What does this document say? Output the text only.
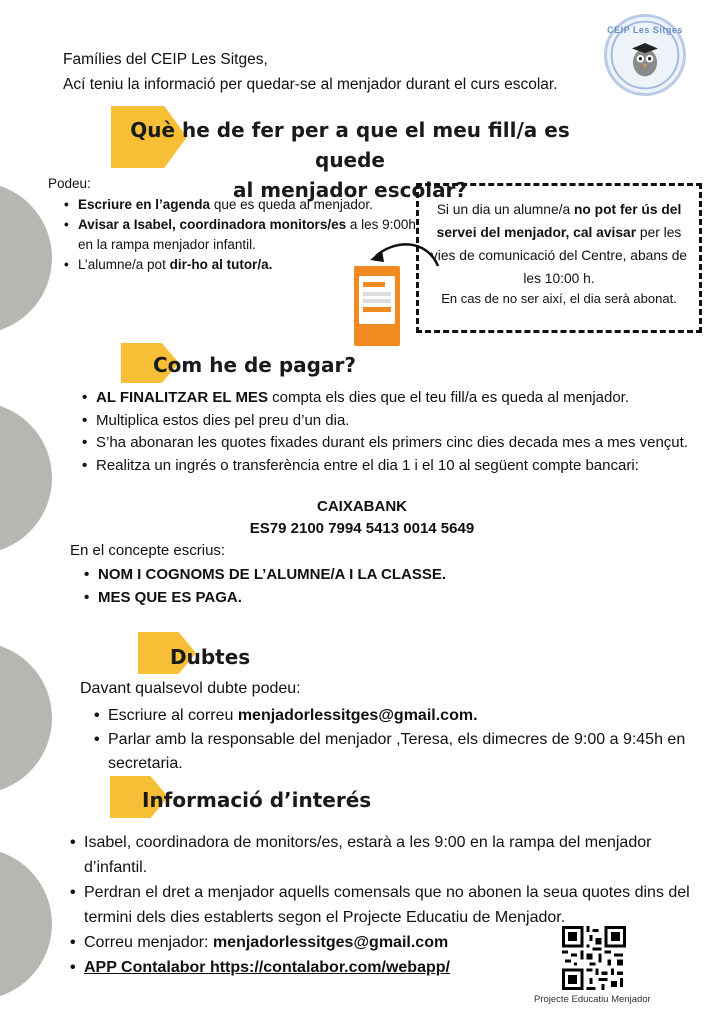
Famílies del CEIP Les Sitges,
Ací teniu la informació per quedar-se al menjador durant el curs escolar.
CEIP Les Sitges
Què he de fer per a que el meu fill/a es quede
al menjador escolar?
Podeu:
• Escriure en l’agenda que es queda al menjador.
• Avisar a Isabel, coordinadora monitors/es a les 9:00h. en la rampa menjador infantil.
• L’alumne/a pot dir-ho al tutor/a.
Si un dia un alumne/a no pot fer ús del servei del menjador, cal avisar per les vies de comunicació del Centre, abans de les 10:00 h.
En cas de no ser així, el dia serà abonat.
Com he de pagar?
• AL FINALITZAR EL MES compta els dies que el teu fill/a es queda al menjador.
• Multiplica estos dies pel preu d’un dia.
• S’ha abonaran les quotes fixades durant els primers cinc dies decada mes a mes vençut.
• Realitza un ingrés o transferència entre el dia 1 i el 10 al següent compte bancari:
CAIXABANK
ES79 2100 7994 5413 0014 5649
En el concepte escrius:
• NOM I COGNOMS DE L’ALUMNE/A I LA CLASSE.
• MES QUE ES PAGA.
Dubtes
Davant qualsevol dubte podeu:
• Escriure al correu menjadorlessitges@gmail.com.
• Parlar amb la responsable del menjador ,Teresa, els dimecres de 9:00 a 9:45h en secretaria.
Informació d’interés
• Isabel, coordinadora de monitors/es, estarà a les 9:00 en la rampa del menjador d’infantil.
• Perdran el dret a menjador aquells comensals que no abonen la seua quotes dins del termini dels dies establerts segon el Projecte Educatiu de Menjador.
• Correu menjador: menjadorlessitges@gmail.com
• APP Contalabor https://contalabor.com/webapp/
Projecte Educatiu Menjador
